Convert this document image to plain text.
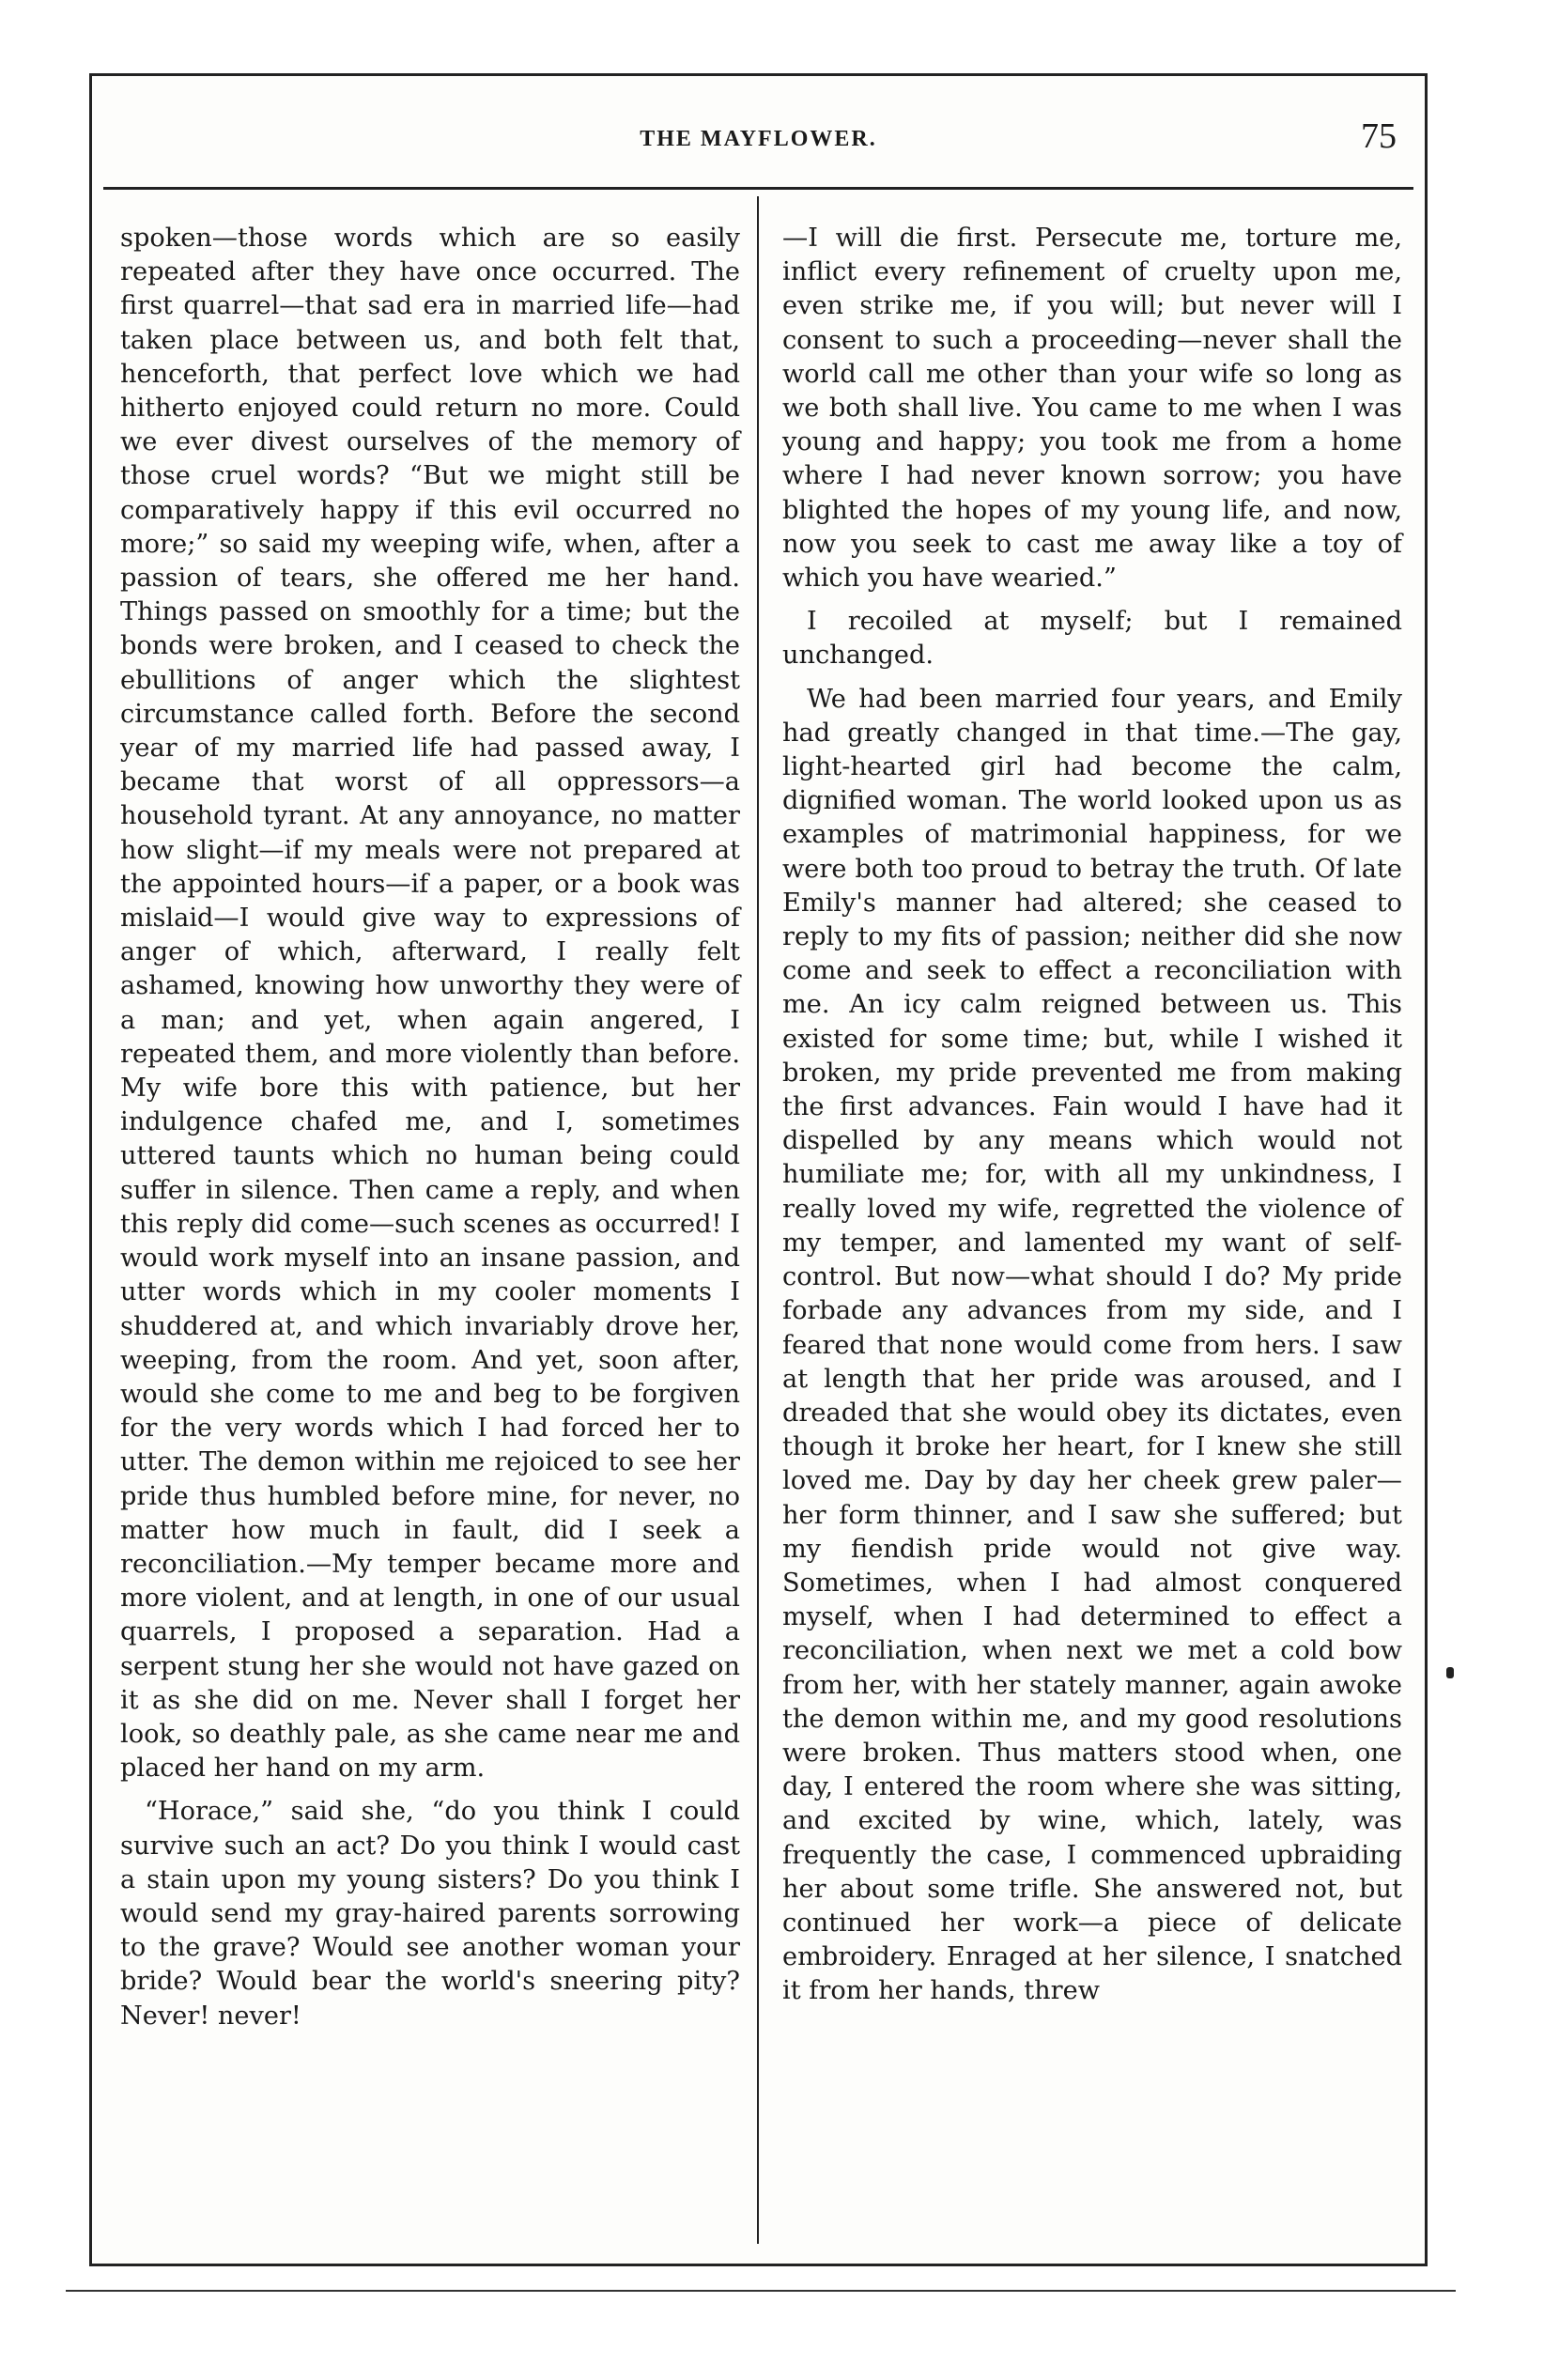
THE MAYFLOWER.	75

spoken—those words which are so easily repeated after they have once occurred. The first quarrel—that sad era in married life—had taken place between us, and both felt that, henceforth, that perfect love which we had hitherto enjoyed could return no more. Could we ever divest ourselves of the memory of those cruel words? “But we might still be comparatively happy if this evil occurred no more;” so said my weeping wife, when, after a passion of tears, she offered me her hand. Things passed on smoothly for a time; but the bonds were broken, and I ceased to check the ebullitions of anger which the slightest circumstance called forth. Before the second year of my married life had passed away, I became that worst of all oppressors—a household tyrant. At any annoyance, no matter how slight—if my meals were not prepared at the appointed hours—if a paper, or a book was mislaid—I would give way to expressions of anger of which, afterward, I really felt ashamed, knowing how unworthy they were of a man; and yet, when again angered, I repeated them, and more violently than before. My wife bore this with patience, but her indulgence chafed me, and I, sometimes uttered taunts which no human being could suffer in silence. Then came a reply, and when this reply did come—such scenes as occurred! I would work myself into an insane passion, and utter words which in my cooler moments I shuddered at, and which invariably drove her, weeping, from the room. And yet, soon after, would she come to me and beg to be forgiven for the very words which I had forced her to utter. The demon within me rejoiced to see her pride thus humbled before mine, for never, no matter how much in fault, did I seek a reconciliation.—My temper became more and more violent, and at length, in one of our usual quarrels, I proposed a separation. Had a serpent stung her she would not have gazed on it as she did on me. Never shall I forget her look, so deathly pale, as she came near me and placed her hand on my arm.

“Horace,” said she, “do you think I could survive such an act? Do you think I would cast a stain upon my young sisters? Do you think I would send my gray-haired parents sorrowing to the grave? Would see another woman your bride? Would bear the world's sneering pity? Never! never!

—I will die first. Persecute me, torture me, inflict every refinement of cruelty upon me, even strike me, if you will; but never will I consent to such a proceeding—never shall the world call me other than your wife so long as we both shall live. You came to me when I was young and happy; you took me from a home where I had never known sorrow; you have blighted the hopes of my young life, and now, now you seek to cast me away like a toy of which you have wearied.”

I recoiled at myself; but I remained unchanged.

We had been married four years, and Emily had greatly changed in that time.—The gay, light-hearted girl had become the calm, dignified woman. The world looked upon us as examples of matrimonial happiness, for we were both too proud to betray the truth. Of late Emily's manner had altered; she ceased to reply to my fits of passion; neither did she now come and seek to effect a reconciliation with me. An icy calm reigned between us. This existed for some time; but, while I wished it broken, my pride prevented me from making the first advances. Fain would I have had it dispelled by any means which would not humiliate me; for, with all my unkindness, I really loved my wife, regretted the violence of my temper, and lamented my want of self-control. But now—what should I do? My pride forbade any advances from my side, and I feared that none would come from hers. I saw at length that her pride was aroused, and I dreaded that she would obey its dictates, even though it broke her heart, for I knew she still loved me. Day by day her cheek grew paler—her form thinner, and I saw she suffered; but my fiendish pride would not give way. Sometimes, when I had almost conquered myself, when I had determined to effect a reconciliation, when next we met a cold bow from her, with her stately manner, again awoke the demon within me, and my good resolutions were broken. Thus matters stood when, one day, I entered the room where she was sitting, and excited by wine, which, lately, was frequently the case, I commenced upbraiding her about some trifle. She answered not, but continued her work—a piece of delicate embroidery. Enraged at her silence, I snatched it from her hands, threw
